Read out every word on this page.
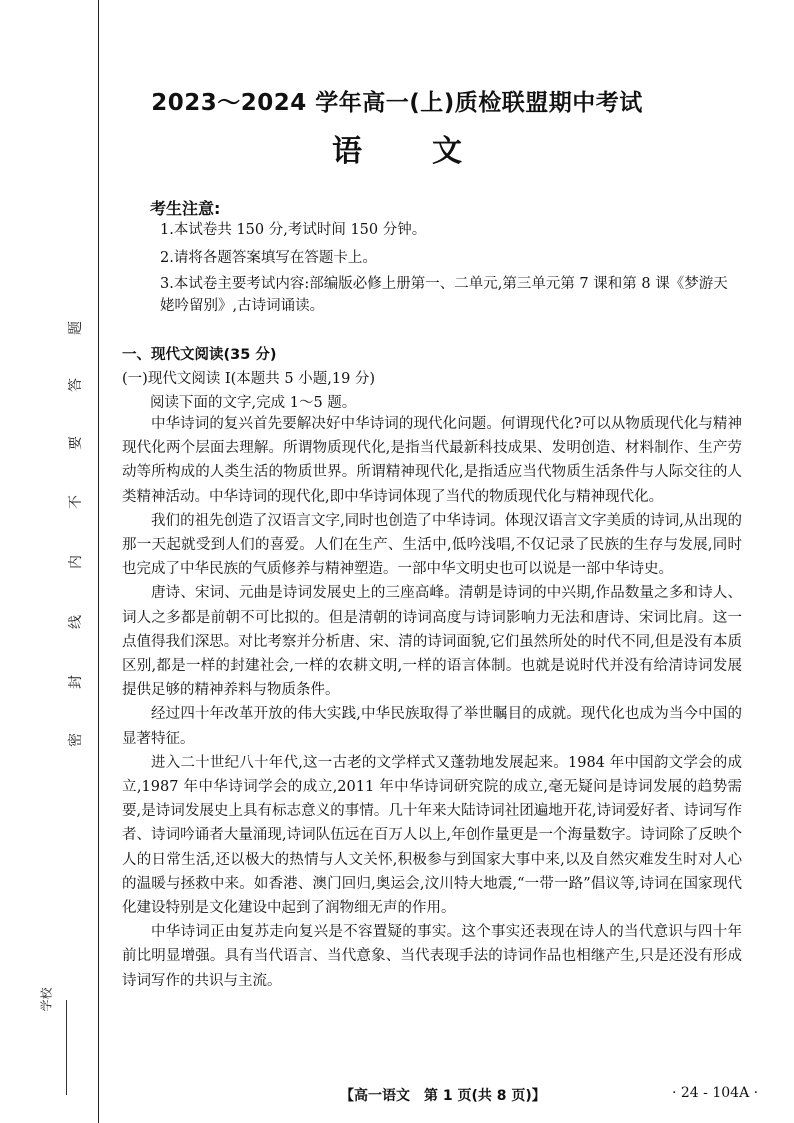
密
封
线
内
不
要
答
题
学校
2023～2024 学年高一(上)质检联盟期中考试
语文
考生注意:
1.本试卷共 150 分,考试时间 150 分钟。
2.请将各题答案填写在答题卡上。
3.本试卷主要考试内容:部编版必修上册第一、二单元,第三单元第 7 课和第 8 课《梦游天
姥吟留别》,古诗词诵读。
一、现代文阅读(35 分)
(一)现代文阅读 Ⅰ(本题共 5 小题,19 分)
阅读下面的文字,完成 1～5 题。

中华诗词的复兴首先要解决好中华诗词的现代化问题。何谓现代化?可以从物质现代化与精神现代化两个层面去理解。所谓物质现代化,是指当代最新科技成果、发明创造、材料制作、生产劳动等所构成的人类生活的物质世界。所谓精神现代化,是指适应当代物质生活条件与人际交往的人类精神活动。中华诗词的现代化,即中华诗词体现了当代的物质现代化与精神现代化。

我们的祖先创造了汉语言文字,同时也创造了中华诗词。体现汉语言文字美质的诗词,从出现的那一天起就受到人们的喜爱。人们在生产、生活中,低吟浅唱,不仅记录了民族的生存与发展,同时也完成了中华民族的气质修养与精神塑造。一部中华文明史也可以说是一部中华诗史。

唐诗、宋词、元曲是诗词发展史上的三座高峰。清朝是诗词的中兴期,作品数量之多和诗人、词人之多都是前朝不可比拟的。但是清朝的诗词高度与诗词影响力无法和唐诗、宋词比肩。这一点值得我们深思。对比考察并分析唐、宋、清的诗词面貌,它们虽然所处的时代不同,但是没有本质区别,都是一样的封建社会,一样的农耕文明,一样的语言体制。也就是说时代并没有给清诗词发展提供足够的精神养料与物质条件。

经过四十年改革开放的伟大实践,中华民族取得了举世瞩目的成就。现代化也成为当今中国的显著特征。

进入二十世纪八十年代,这一古老的文学样式又蓬勃地发展起来。1984 年中国韵文学会的成立,1987 年中华诗词学会的成立,2011 年中华诗词研究院的成立,毫无疑问是诗词发展的趋势需要,是诗词发展史上具有标志意义的事情。几十年来大陆诗词社团遍地开花,诗词爱好者、诗词写作者、诗词吟诵者大量涌现,诗词队伍远在百万人以上,年创作量更是一个海量数字。诗词除了反映个人的日常生活,还以极大的热情与人文关怀,积极参与到国家大事中来,以及自然灾难发生时对人心的温暖与拯救中来。如香港、澳门回归,奥运会,汶川特大地震,“一带一路”倡议等,诗词在国家现代化建设特别是文化建设中起到了润物细无声的作用。

中华诗词正由复苏走向复兴是不容置疑的事实。这个事实还表现在诗人的当代意识与四十年前比明显增强。具有当代语言、当代意象、当代表现手法的诗词作品也相继产生,只是还没有形成诗词写作的共识与主流。

【高一语文　第 1 页(共 8 页)】	· 24 - 104A ·
